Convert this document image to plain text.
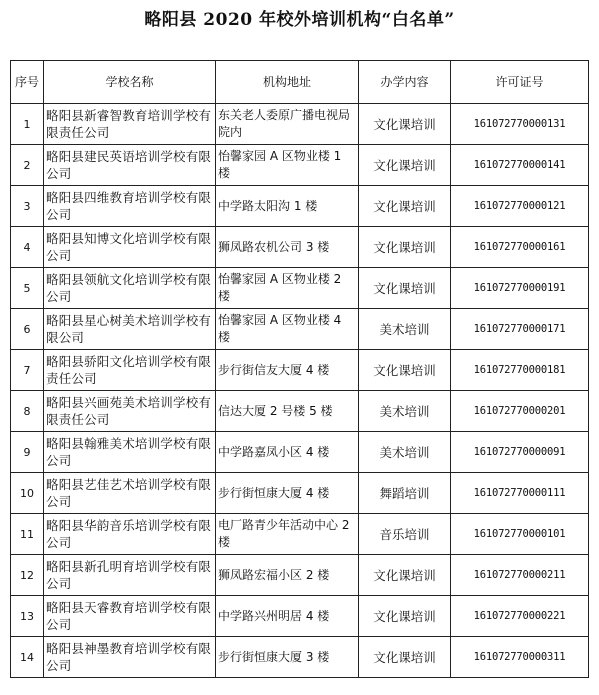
略阳县 2020 年校外培训机构“白名单”
序号	学校名称	机构地址	办学内容	许可证号
1	略阳县新睿智教育培训学校有限责任公司	东关老人委原广播电视局院内	文化课培训	161072770000131
2	略阳县建民英语培训学校有限公司	怡馨家园 A 区物业楼 1 楼	文化课培训	161072770000141
3	略阳县四维教育培训学校有限公司	中学路太阳沟 1 楼	文化课培训	161072770000121
4	略阳县知博文化培训学校有限公司	狮凤路农机公司 3 楼	文化课培训	161072770000161
5	略阳县领航文化培训学校有限公司	怡馨家园 A 区物业楼 2 楼	文化课培训	161072770000191
6	略阳县星心树美术培训学校有限公司	怡馨家园 A 区物业楼 4 楼	美术培训	161072770000171
7	略阳县骄阳文化培训学校有限责任公司	步行街信友大厦 4 楼	文化课培训	161072770000181
8	略阳县兴画苑美术培训学校有限责任公司	信达大厦 2 号楼 5 楼	美术培训	161072770000201
9	略阳县翰雅美术培训学校有限公司	中学路嘉凤小区 4 楼	美术培训	161072770000091
10	略阳县艺佳艺术培训学校有限公司	步行街恒康大厦 4 楼	舞蹈培训	161072770000111
11	略阳县华韵音乐培训学校有限公司	电厂路青少年活动中心 2 楼	音乐培训	161072770000101
12	略阳县新孔明育培训学校有限公司	狮凤路宏福小区 2 楼	文化课培训	161072770000211
13	略阳县天睿教育培训学校有限公司	中学路兴州明居 4 楼	文化课培训	161072770000221
14	略阳县神墨教育培训学校有限公司	步行街恒康大厦 3 楼	文化课培训	161072770000311
